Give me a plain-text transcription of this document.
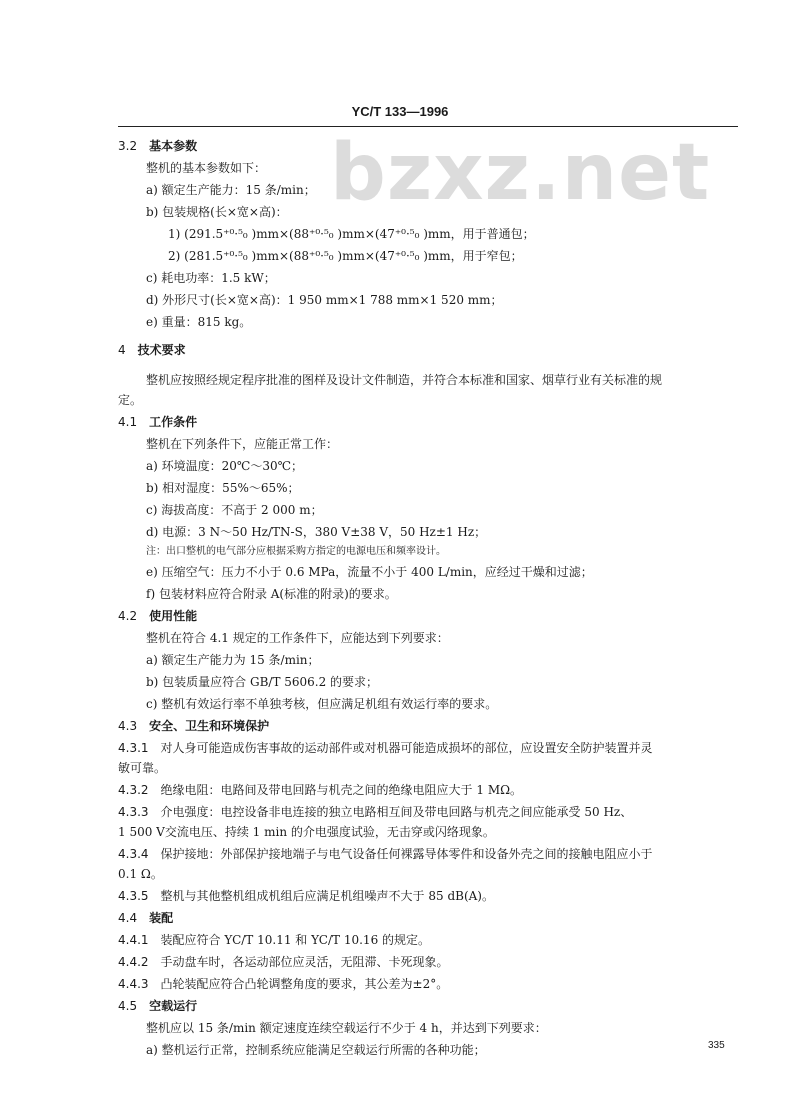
bzxz.net
YC/T 133—1996
3.2 基本参数
整机的基本参数如下：
a) 额定生产能力：15 条/min；
b) 包装规格(长×宽×高)：
1) (291.5⁺⁰·⁵₀ )mm×(88⁺⁰·⁵₀ )mm×(47⁺⁰·⁵₀ )mm，用于普通包；
2) (281.5⁺⁰·⁵₀ )mm×(88⁺⁰·⁵₀ )mm×(47⁺⁰·⁵₀ )mm，用于窄包；
c) 耗电功率：1.5 kW；
d) 外形尺寸(长×宽×高)：1 950 mm×1 788 mm×1 520 mm；
e) 重量：815 kg。
4 技术要求
整机应按照经规定程序批准的图样及设计文件制造，并符合本标准和国家、烟草行业有关标准的规
定。
4.1 工作条件
整机在下列条件下，应能正常工作：
a) 环境温度：20℃～30℃；
b) 相对湿度：55%～65%；
c) 海拔高度：不高于 2 000 m；
d) 电源：3 N～50 Hz/TN-S，380 V±38 V，50 Hz±1 Hz；
注：出口整机的电气部分应根据采购方指定的电源电压和频率设计。
e) 压缩空气：压力不小于 0.6 MPa，流量不小于 400 L/min，应经过干燥和过滤；
f) 包装材料应符合附录 A(标准的附录)的要求。
4.2 使用性能
整机在符合 4.1 规定的工作条件下，应能达到下列要求：
a) 额定生产能力为 15 条/min；
b) 包装质量应符合 GB/T 5606.2 的要求；
c) 整机有效运行率不单独考核，但应满足机组有效运行率的要求。
4.3 安全、卫生和环境保护
4.3.1 对人身可能造成伤害事故的运动部件或对机器可能造成损坏的部位，应设置安全防护装置并灵
敏可靠。
4.3.2 绝缘电阻：电路间及带电回路与机壳之间的绝缘电阻应大于 1 MΩ。
4.3.3 介电强度：电控设备非电连接的独立电路相互间及带电回路与机壳之间应能承受 50 Hz、
1 500 V交流电压、持续 1 min 的介电强度试验，无击穿或闪络现象。
4.3.4 保护接地：外部保护接地端子与电气设备任何裸露导体零件和设备外壳之间的接触电阻应小于
0.1 Ω。
4.3.5 整机与其他整机组成机组后应满足机组噪声不大于 85 dB(A)。
4.4 装配
4.4.1 装配应符合 YC/T 10.11 和 YC/T 10.16 的规定。
4.4.2 手动盘车时，各运动部位应灵活，无阻滞、卡死现象。
4.4.3 凸轮装配应符合凸轮调整角度的要求，其公差为±2°。
4.5 空载运行
整机应以 15 条/min 额定速度连续空载运行不少于 4 h，并达到下列要求：
a) 整机运行正常，控制系统应能满足空载运行所需的各种功能；	335
